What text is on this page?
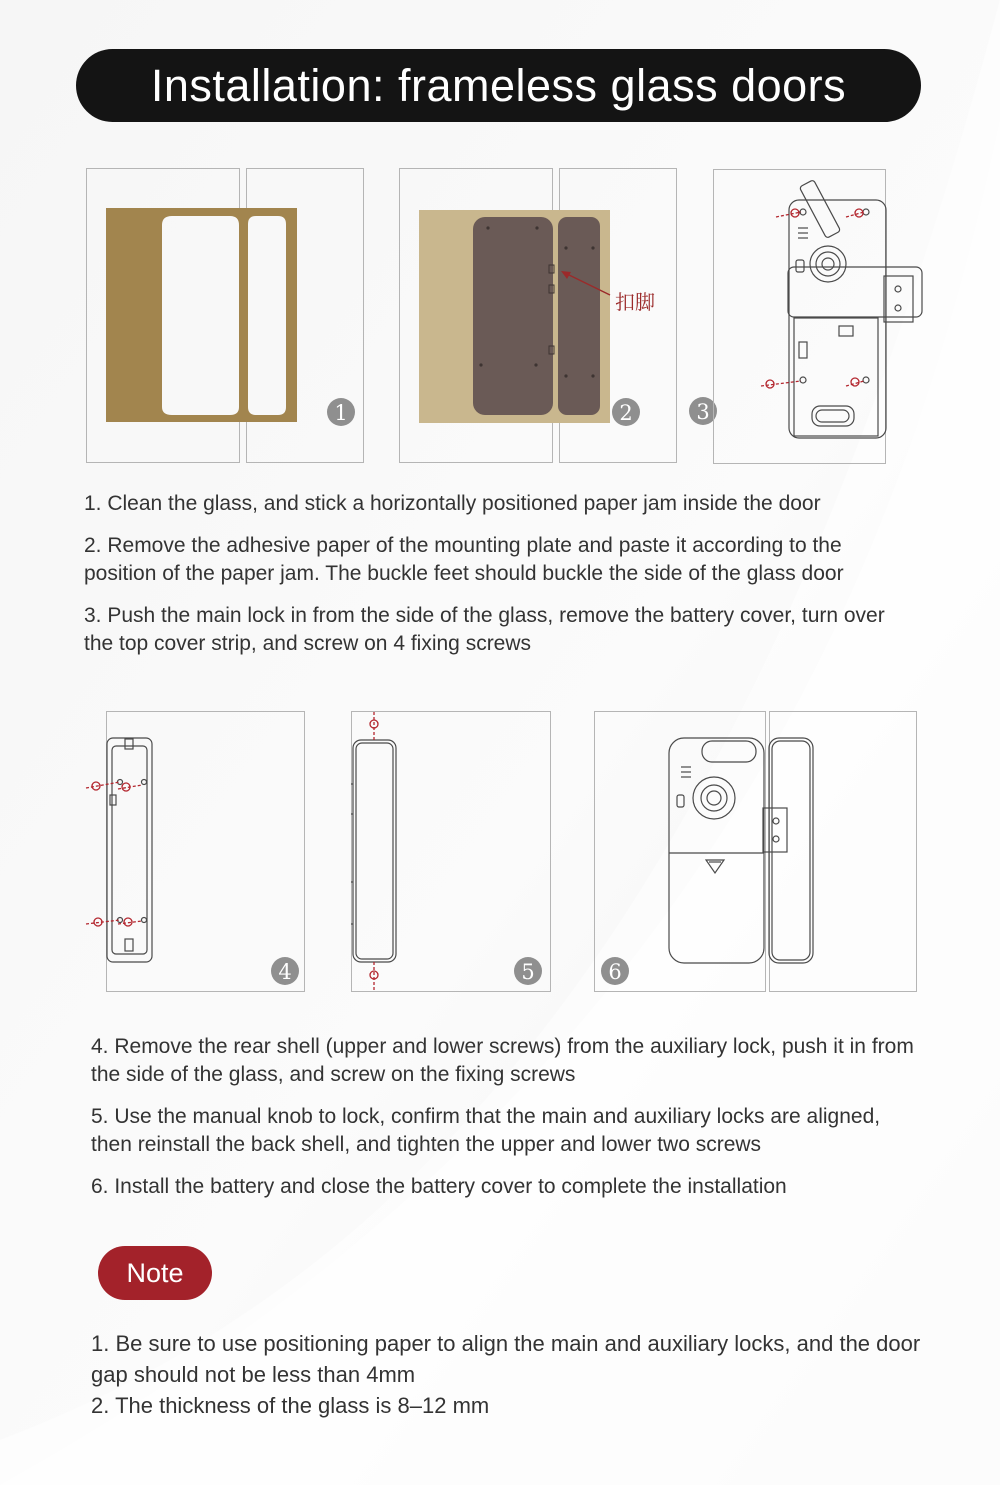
Installation: frameless glass doors
1
扣脚
2	3
1. Clean the glass, and stick a horizontally positioned paper jam inside the door
2. Remove the adhesive paper of the mounting plate and paste it according to the position of the paper jam. The buckle feet should buckle the side of the glass door
3. Push the main lock in from the side of the glass, remove the battery cover, turn over the top cover strip, and screw on 4 fixing screws
4	5	6
4. Remove the rear shell (upper and lower screws) from the auxiliary lock, push it in from the side of the glass, and screw on the fixing screws
5. Use the manual knob to lock, confirm that the main and auxiliary locks are aligned, then reinstall the back shell, and tighten the upper and lower two screws
6. Install the battery and close the battery cover to complete the installation
Note
1. Be sure to use positioning paper to align the main and auxiliary locks, and the door gap should not be less than 4mm
2. The thickness of the glass is 8–12 mm
